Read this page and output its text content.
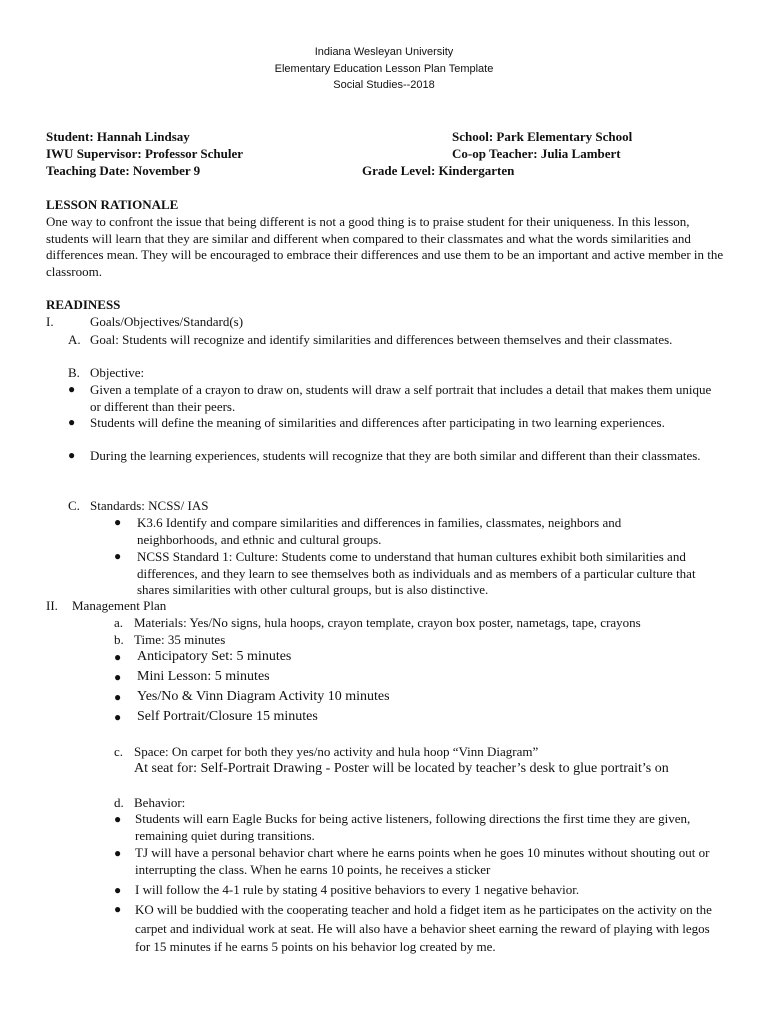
Indiana Wesleyan University
Elementary Education Lesson Plan Template
Social Studies--2018
Student: Hannah Lindsay	School: Park Elementary School
IWU Supervisor: Professor Schuler	Co-op Teacher: Julia Lambert
Teaching Date: November 9	Grade Level: Kindergarten
LESSON RATIONALE
One way to confront the issue that being different is not a good thing is to praise student for their uniqueness. In this lesson, students will learn that they are similar and different when compared to their classmates and what the words similarities and differences mean. They will be encouraged to embrace their differences and use them to be an important and active member in the classroom.
READINESS
I.	Goals/Objectives/Standard(s)
A. Goal: Students will recognize and identify similarities and differences between themselves and their classmates.
B. Objective:
● Given a template of a crayon to draw on, students will draw a self portrait that includes a detail that makes them unique or different than their peers.
● Students will define the meaning of similarities and differences after participating in two learning experiences.
● During the learning experiences, students will recognize that they are both similar and different than their classmates.
C. Standards: NCSS/ IAS
● K3.6 Identify and compare similarities and differences in families, classmates, neighbors and neighborhoods, and ethnic and cultural groups.
● NCSS Standard 1: Culture: Students come to understand that human cultures exhibit both similarities and differences, and they learn to see themselves both as individuals and as members of a particular culture that shares similarities with other cultural groups, but is also distinctive.
II. Management Plan
a. Materials: Yes/No signs, hula hoops, crayon template, crayon box poster, nametags, tape, crayons
b. Time: 35 minutes
● Anticipatory Set: 5 minutes
● Mini Lesson: 5 minutes
● Yes/No & Vinn Diagram Activity 10 minutes
● Self Portrait/Closure 15 minutes
c. Space: On carpet for both they yes/no activity and hula hoop “Vinn Diagram”
At seat for: Self-Portrait Drawing - Poster will be located by teacher’s desk to glue portrait’s on
d. Behavior:
● Students will earn Eagle Bucks for being active listeners, following directions the first time they are given, remaining quiet during transitions.
● TJ will have a personal behavior chart where he earns points when he goes 10 minutes without shouting out or interrupting the class. When he earns 10 points, he receives a sticker
● I will follow the 4-1 rule by stating 4 positive behaviors to every 1 negative behavior.
● KO will be buddied with the cooperating teacher and hold a fidget item as he participates on the activity on the carpet and individual work at seat. He will also have a behavior sheet earning the reward of playing with legos for 15 minutes if he earns 5 points on his behavior log created by me.
